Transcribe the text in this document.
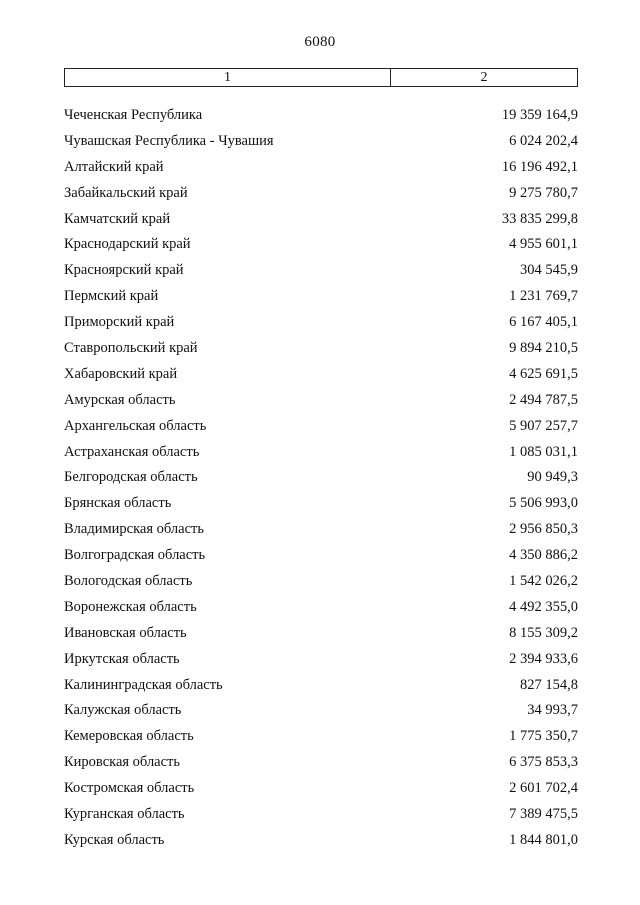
6080
1	2
Чеченская Республика	19 359 164,9
Чувашская Республика - Чувашия	6 024 202,4
Алтайский край	16 196 492,1
Забайкальский край	9 275 780,7
Камчатский край	33 835 299,8
Краснодарский край	4 955 601,1
Красноярский край	304 545,9
Пермский край	1 231 769,7
Приморский край	6 167 405,1
Ставропольский край	9 894 210,5
Хабаровский край	4 625 691,5
Амурская область	2 494 787,5
Архангельская область	5 907 257,7
Астраханская область	1 085 031,1
Белгородская область	90 949,3
Брянская область	5 506 993,0
Владимирская область	2 956 850,3
Волгоградская область	4 350 886,2
Вологодская область	1 542 026,2
Воронежская область	4 492 355,0
Ивановская область	8 155 309,2
Иркутская область	2 394 933,6
Калининградская область	827 154,8
Калужская область	34 993,7
Кемеровская область	1 775 350,7
Кировская область	6 375 853,3
Костромская область	2 601 702,4
Курганская область	7 389 475,5
Курская область	1 844 801,0
